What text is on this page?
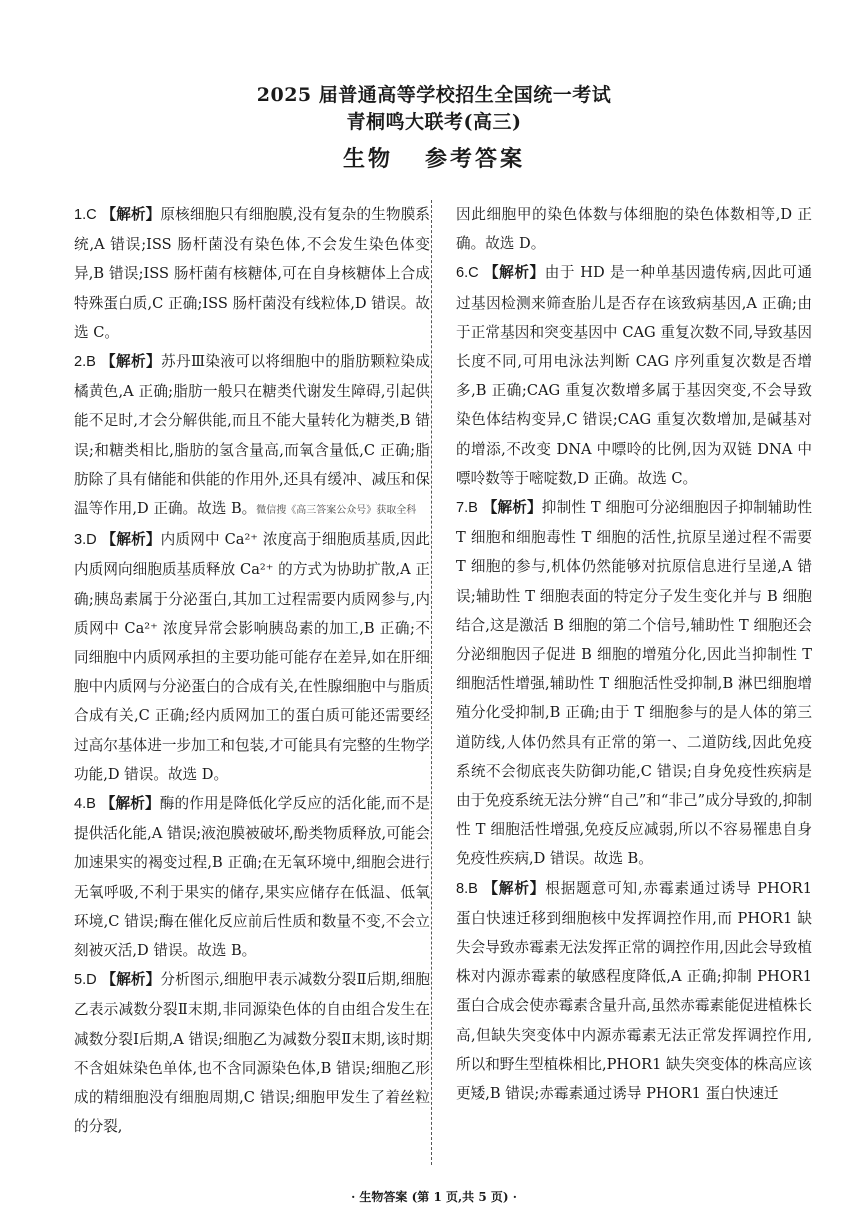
2025 届普通高等学校招生全国统一考试
青桐鸣大联考(高三)
生物   参考答案

1.C 【解析】原核细胞只有细胞膜,没有复杂的生物膜系统,A 错误;ISS 肠杆菌没有染色体,不会发生染色体变异,B 错误;ISS 肠杆菌有核糖体,可在自身核糖体上合成特殊蛋白质,C 正确;ISS 肠杆菌没有线粒体,D 错误。故选 C。

2.B 【解析】苏丹Ⅲ染液可以将细胞中的脂肪颗粒染成橘黄色,A 正确;脂肪一般只在糖类代谢发生障碍,引起供能不足时,才会分解供能,而且不能大量转化为糖类,B 错误;和糖类相比,脂肪的氢含量高,而氧含量低,C 正确;脂肪除了具有储能和供能的作用外,还具有缓冲、减压和保温等作用,D 正确。故选 B。微信搜《高三答案公众号》获取全科

3.D 【解析】内质网中 Ca²⁺ 浓度高于细胞质基质,因此内质网向细胞质基质释放 Ca²⁺ 的方式为协助扩散,A 正确;胰岛素属于分泌蛋白,其加工过程需要内质网参与,内质网中 Ca²⁺ 浓度异常会影响胰岛素的加工,B 正确;不同细胞中内质网承担的主要功能可能存在差异,如在肝细胞中内质网与分泌蛋白的合成有关,在性腺细胞中与脂质合成有关,C 正确;经内质网加工的蛋白质可能还需要经过高尔基体进一步加工和包装,才可能具有完整的生物学功能,D 错误。故选 D。

4.B 【解析】酶的作用是降低化学反应的活化能,而不是提供活化能,A 错误;液泡膜被破坏,酚类物质释放,可能会加速果实的褐变过程,B 正确;在无氧环境中,细胞会进行无氧呼吸,不利于果实的储存,果实应储存在低温、低氧环境,C 错误;酶在催化反应前后性质和数量不变,不会立刻被灭活,D 错误。故选 B。

5.D 【解析】分析图示,细胞甲表示减数分裂Ⅱ后期,细胞乙表示减数分裂Ⅱ末期,非同源染色体的自由组合发生在减数分裂Ⅰ后期,A 错误;细胞乙为减数分裂Ⅱ末期,该时期不含姐妹染色单体,也不含同源染色体,B 错误;细胞乙形成的精细胞没有细胞周期,C 错误;细胞甲发生了着丝粒的分裂,

因此细胞甲的染色体数与体细胞的染色体数相等,D 正确。故选 D。

6.C 【解析】由于 HD 是一种单基因遗传病,因此可通过基因检测来筛查胎儿是否存在该致病基因,A 正确;由于正常基因和突变基因中 CAG 重复次数不同,导致基因长度不同,可用电泳法判断 CAG 序列重复次数是否增多,B 正确;CAG 重复次数增多属于基因突变,不会导致染色体结构变异,C 错误;CAG 重复次数增加,是碱基对的增添,不改变 DNA 中嘌呤的比例,因为双链 DNA 中嘌呤数等于嘧啶数,D 正确。故选 C。

7.B 【解析】抑制性 T 细胞可分泌细胞因子抑制辅助性 T 细胞和细胞毒性 T 细胞的活性,抗原呈递过程不需要 T 细胞的参与,机体仍然能够对抗原信息进行呈递,A 错误;辅助性 T 细胞表面的特定分子发生变化并与 B 细胞结合,这是激活 B 细胞的第二个信号,辅助性 T 细胞还会分泌细胞因子促进 B 细胞的增殖分化,因此当抑制性 T 细胞活性增强,辅助性 T 细胞活性受抑制,B 淋巴细胞增殖分化受抑制,B 正确;由于 T 细胞参与的是人体的第三道防线,人体仍然具有正常的第一、二道防线,因此免疫系统不会彻底丧失防御功能,C 错误;自身免疫性疾病是由于免疫系统无法分辨“自己”和“非己”成分导致的,抑制性 T 细胞活性增强,免疫反应减弱,所以不容易罹患自身免疫性疾病,D 错误。故选 B。

8.B 【解析】根据题意可知,赤霉素通过诱导 PHOR1 蛋白快速迁移到细胞核中发挥调控作用,而 PHOR1 缺失会导致赤霉素无法发挥正常的调控作用,因此会导致植株对内源赤霉素的敏感程度降低,A 正确;抑制 PHOR1 蛋白合成会使赤霉素含量升高,虽然赤霉素能促进植株长高,但缺失突变体中内源赤霉素无法正常发挥调控作用,所以和野生型植株相比,PHOR1 缺失突变体的株高应该更矮,B 错误;赤霉素通过诱导 PHOR1 蛋白快速迁

· 生物答案 (第 1 页,共 5 页) ·
